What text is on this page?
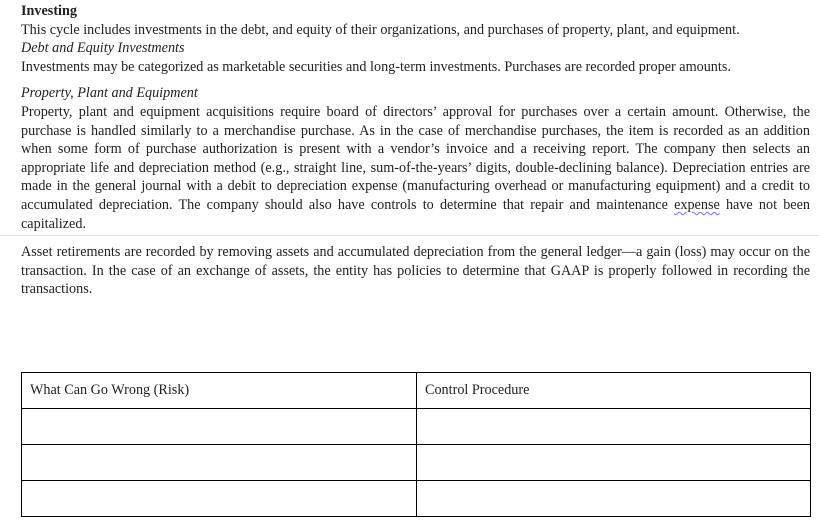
Investing

This cycle includes investments in the debt, and equity of their organizations, and purchases of property, plant, and equipment.

Debt and Equity Investments

Investments may be categorized as marketable securities and long-term investments. Purchases are recorded proper amounts.

Property, Plant and Equipment

Property, plant and equipment acquisitions require board of directors’ approval for purchases over a certain amount. Otherwise, the purchase is handled similarly to a merchandise purchase. As in the case of merchandise purchases, the item is recorded as an addition when some form of purchase authorization is present with a vendor’s invoice and a receiving report. The company then selects an appropriate life and depreciation method (e.g., straight line, sum-of-the-years’ digits, double-declining balance). Depreciation entries are made in the general journal with a debit to depreciation expense (manufacturing overhead or manufacturing equipment) and a credit to accumulated depreciation. The company should also have controls to determine that repair and maintenance expense have not been capitalized.

Asset retirements are recorded by removing assets and accumulated depreciation from the general ledger—a gain (loss) may occur on the transaction. In the case of an exchange of assets, the entity has policies to determine that GAAP is properly followed in recording the transactions.

What Can Go Wrong (Risk)	Control Procedure
